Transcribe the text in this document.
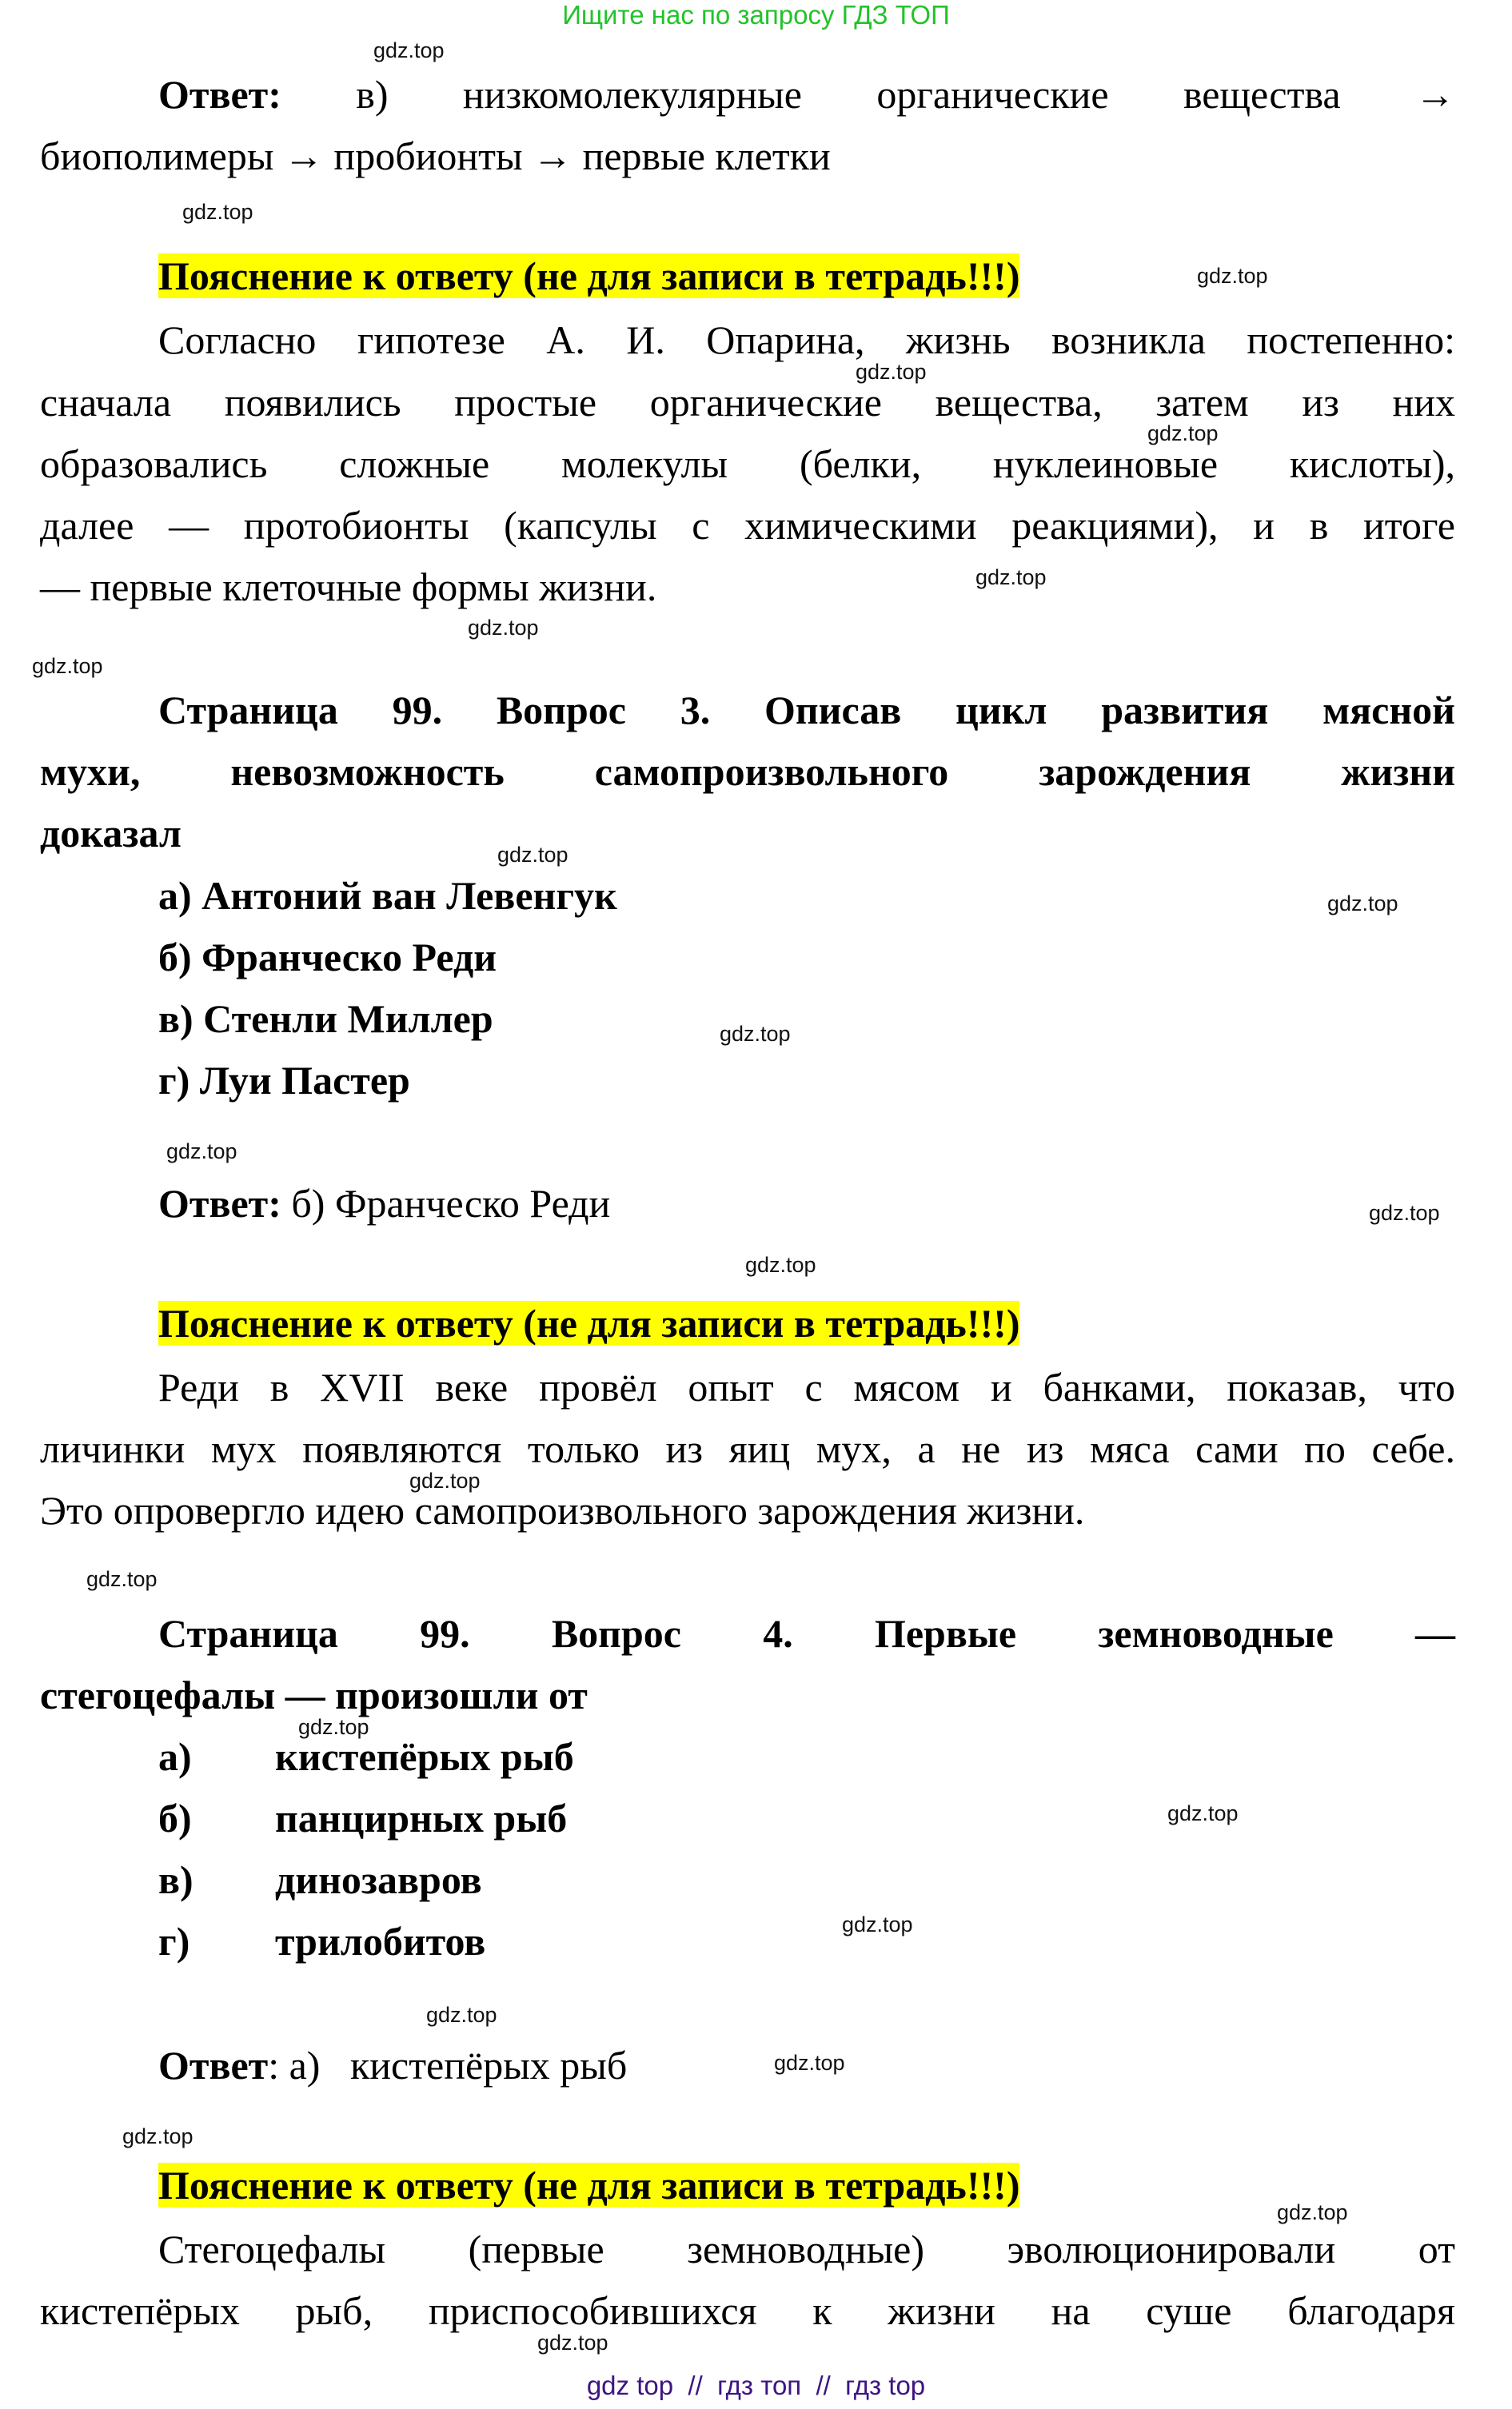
Ищите нас по запросу ГДЗ ТОП
gdz.top
Ответ: в) низкомолекулярные органические вещества →
биополимеры → пробионты → первые клетки
gdz.top
Пояснение к ответу (не для записи в тетрадь!!!)	gdz.top
Согласно гипотезе А. И. Опарина, жизнь возникла постепенно:
gdz.top
сначала появились простые органические вещества, затем из них
gdz.top
образовались сложные молекулы (белки, нуклеиновые кислоты),
далее — протобионты (капсулы с химическими реакциями), и в итоге
— первые клеточные формы жизни.	gdz.top
gdz.top
gdz.top
Страница 99. Вопрос 3. Описав цикл развития мясной
мухи, невозможность самопроизвольного зарождения жизни
доказал	gdz.top
а) Антоний ван Левенгук	gdz.top
б) Франческо Реди
в) Стенли Миллер	gdz.top
г) Луи Пастер
gdz.top
Ответ: б) Франческо Реди	gdz.top
gdz.top
Пояснение к ответу (не для записи в тетрадь!!!)
Реди в XVII веке провёл опыт с мясом и банками, показав, что
личинки мух появляются только из яиц мух, а не из мяса сами по себе.
gdz.top
Это опровергло идею самопроизвольного зарождения жизни.
gdz.top
Страница 99. Вопрос 4. Первые земноводные —
стегоцефалы — произошли от
gdz.top
а) кистепёрых рыб
б) панцирных рыб	gdz.top
в) динозавров
gdz.top
г) трилобитов
gdz.top
Ответ: а)   кистепёрых рыб	gdz.top
gdz.top
Пояснение к ответу (не для записи в тетрадь!!!)
gdz.top
Стегоцефалы (первые земноводные) эволюционировали от
кистепёрых рыб, приспособившихся к жизни на суше благодаря
gdz.top
gdz top  //  гдз топ  //  гдз top
